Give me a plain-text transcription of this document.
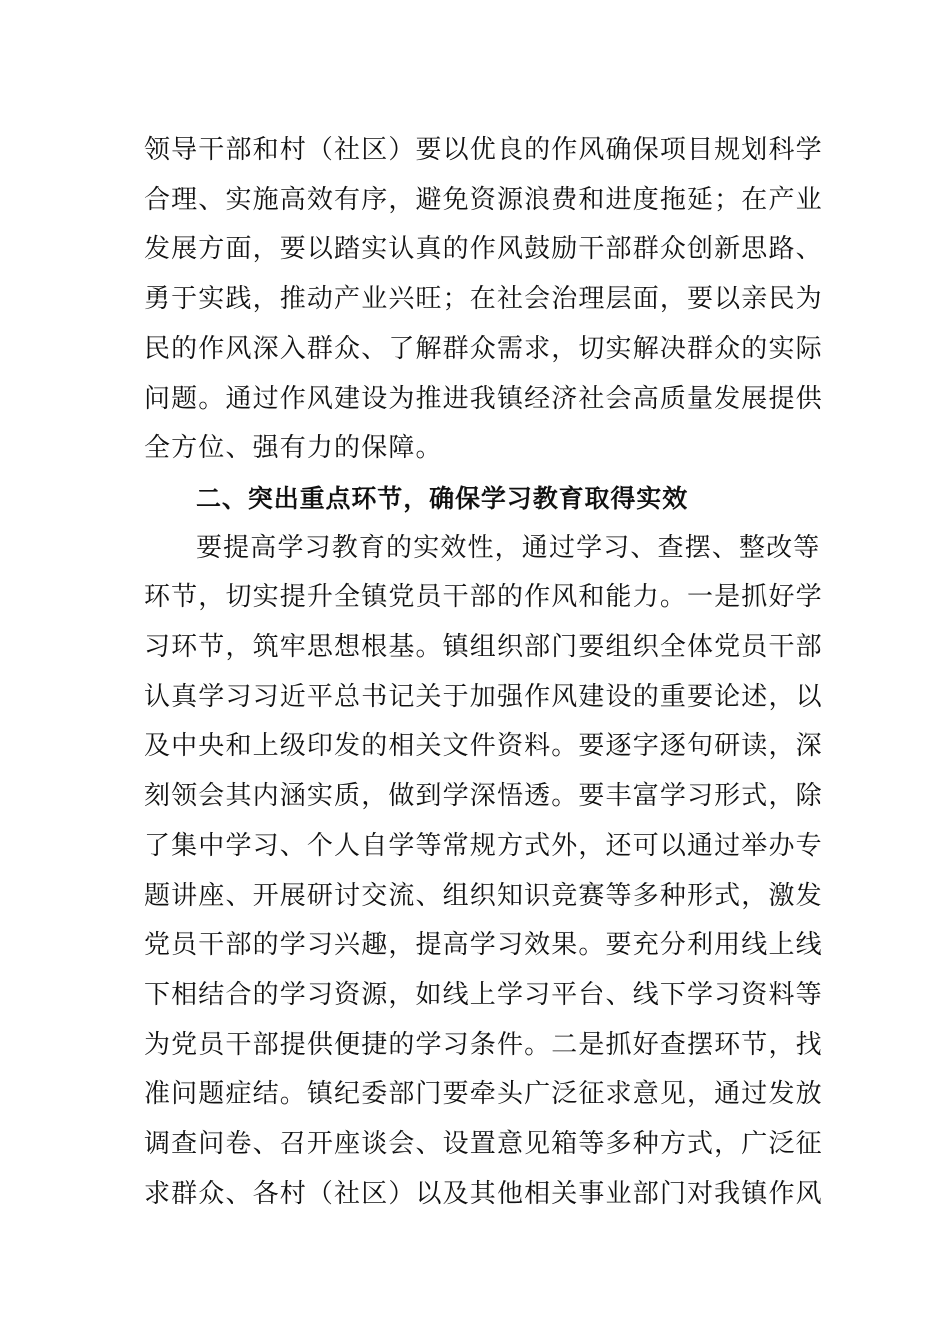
领导干部和村（社区）要以优良的作风确保项目规划科学
合理、实施高效有序，避免资源浪费和进度拖延；在产业
发展方面，要以踏实认真的作风鼓励干部群众创新思路、
勇于实践，推动产业兴旺；在社会治理层面，要以亲民为
民的作风深入群众、了解群众需求，切实解决群众的实际
问题。通过作风建设为推进我镇经济社会高质量发展提供
全方位、强有力的保障。
二、突出重点环节，确保学习教育取得实效
要提高学习教育的实效性，通过学习、查摆、整改等
环节，切实提升全镇党员干部的作风和能力。一是抓好学
习环节，筑牢思想根基。镇组织部门要组织全体党员干部
认真学习习近平总书记关于加强作风建设的重要论述，以
及中央和上级印发的相关文件资料。要逐字逐句研读，深
刻领会其内涵实质，做到学深悟透。要丰富学习形式，除
了集中学习、个人自学等常规方式外，还可以通过举办专
题讲座、开展研讨交流、组织知识竞赛等多种形式，激发
党员干部的学习兴趣，提高学习效果。要充分利用线上线
下相结合的学习资源，如线上学习平台、线下学习资料等
为党员干部提供便捷的学习条件。二是抓好查摆环节，找
准问题症结。镇纪委部门要牵头广泛征求意见，通过发放
调查问卷、召开座谈会、设置意见箱等多种方式，广泛征
求群众、各村（社区）以及其他相关事业部门对我镇作风
